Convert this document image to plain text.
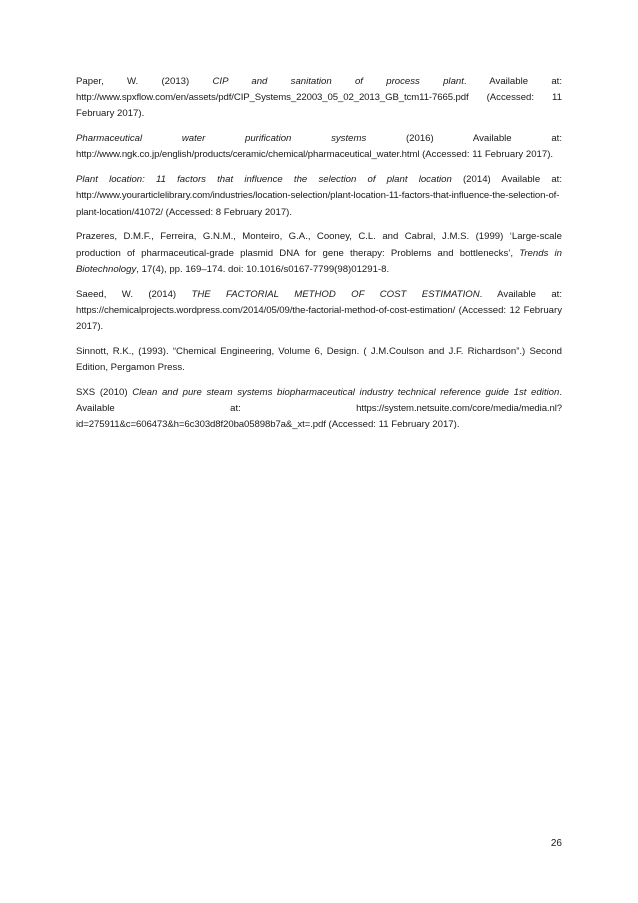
Paper, W. (2013) CIP and sanitation of process plant. Available at: http://www.spxflow.com/en/assets/pdf/CIP_Systems_22003_05_02_2013_GB_tcm11-7665.pdf (Accessed: 11 February 2017).

Pharmaceutical water purification systems (2016) Available at: http://www.ngk.co.jp/english/products/ceramic/chemical/pharmaceutical_water.html (Accessed: 11 February 2017).

Plant location: 11 factors that influence the selection of plant location (2014) Available at: http://www.yourarticlelibrary.com/industries/location-selection/plant-location-11-factors-that-influence-the-selection-of-plant-location/41072/ (Accessed: 8 February 2017).

Prazeres, D.M.F., Ferreira, G.N.M., Monteiro, G.A., Cooney, C.L. and Cabral, J.M.S. (1999) ‘Large-scale production of pharmaceutical-grade plasmid DNA for gene therapy: Problems and bottlenecks’, Trends in Biotechnology, 17(4), pp. 169–174. doi: 10.1016/s0167-7799(98)01291-8.

Saeed, W. (2014) THE FACTORIAL METHOD OF COST ESTIMATION. Available at: https://chemicalprojects.wordpress.com/2014/05/09/the-factorial-method-of-cost-estimation/ (Accessed: 12 February 2017).

Sinnott, R.K., (1993). “Chemical Engineering, Volume 6, Design. ( J.M.Coulson and J.F. Richardson”.) Second Edition, Pergamon Press.

SXS (2010) Clean and pure steam systems biopharmaceutical industry technical reference guide 1st edition. Available at: https://system.netsuite.com/core/media/media.nl?id=275911&c=606473&h=6c303d8f20ba05898b7a&_xt=.pdf (Accessed: 11 February 2017).

26
